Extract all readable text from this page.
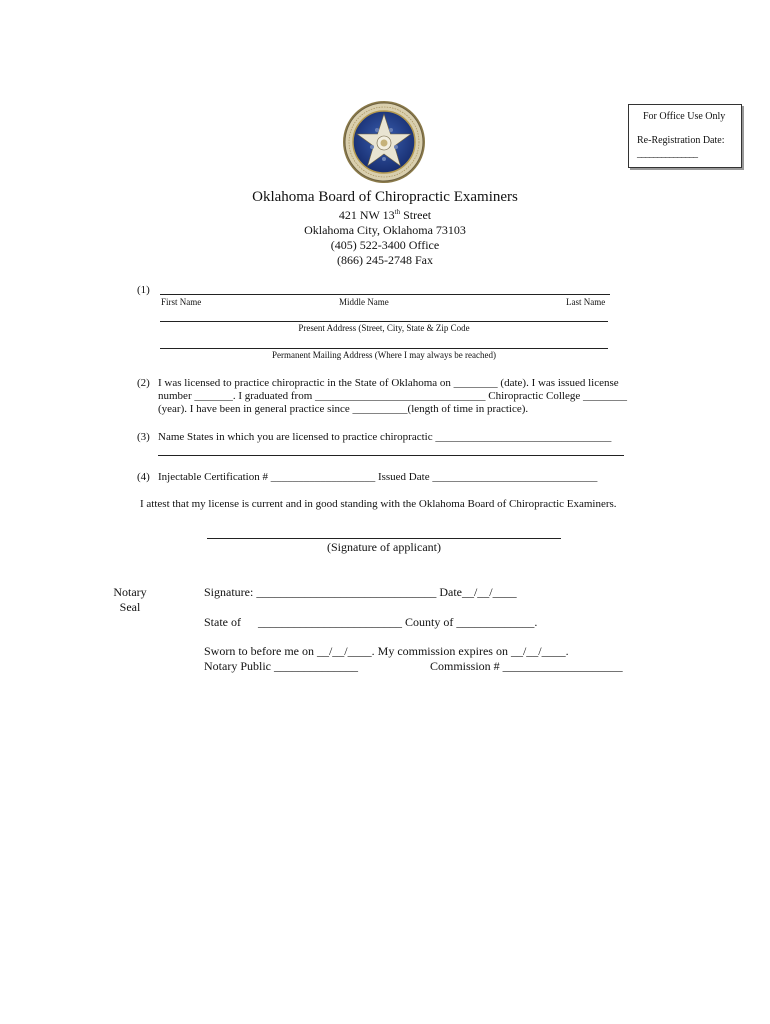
For Office Use Only
Re-Registration Date:
_______________
Oklahoma Board of Chiropractic Examiners
421 NW 13th Street
Oklahoma City, Oklahoma 73103
(405) 522-3400 Office
(866) 245-2748 Fax
(1)
First Name	Middle Name	Last Name
Present Address (Street, City, State & Zip Code
Permanent Mailing Address (Where I may always be reached)
(2) I was licensed to practice chiropractic in the State of Oklahoma on ________ (date). I was issued license
number _______. I graduated from _______________________________ Chiropractic College ________
(year). I have been in general practice since __________(length of time in practice).
(3) Name States in which you are licensed to practice chiropractic ________________________________
(4) Injectable Certification # ___________________ Issued Date ______________________________
I attest that my license is current and in good standing with the Oklahoma Board of Chiropractic Examiners.
(Signature of applicant)
Notary
Seal
Signature: ______________________________ Date__/__/____
State of ________________________ County of _____________.
Sworn to before me on __/__/____. My commission expires on __/__/____.
Notary Public ______________	Commission # ____________________
